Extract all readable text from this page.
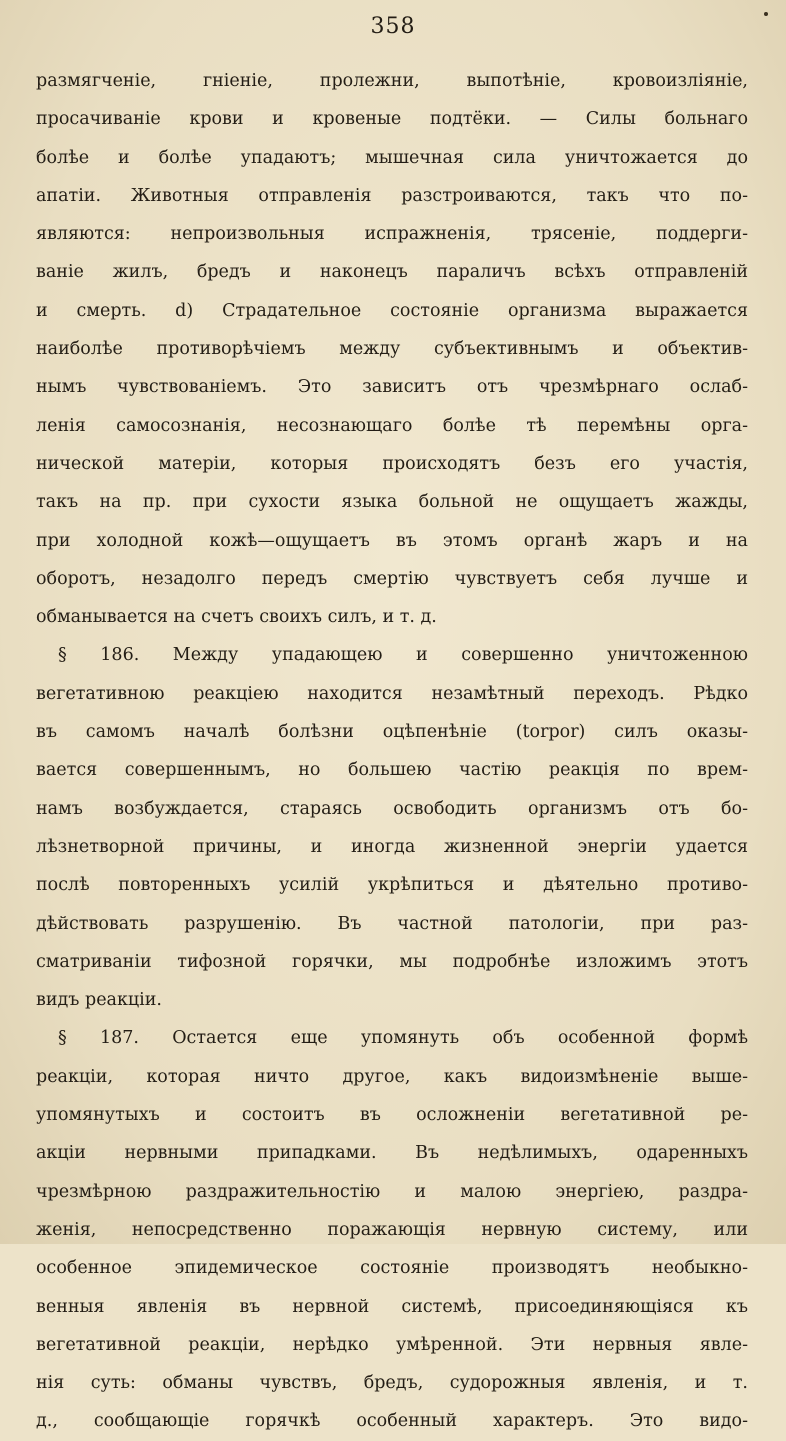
358
размягченіе, гніеніе, пролежни, выпотѣніе, кровоизліяніе,
просачиваніе крови и кровеные подтёки. — Силы больнаго
болѣе и болѣе упадаютъ; мышечная сила уничтожается до
апатіи. Животныя отправленія разстроиваются, такъ что по-
являются: непроизвольныя испражненія, трясеніе, поддерги-
ваніе жилъ, бредъ и наконецъ параличъ всѣхъ отправленій
и смерть. d) Страдательное состояніе организма выражается
наиболѣе противорѣчіемъ между субъективнымъ и объектив-
нымъ чувствованіемъ. Это зависитъ отъ чрезмѣрнаго ослаб-
ленія самосознанія, несознающаго болѣе тѣ перемѣны орга-
нической матеріи, которыя происходятъ безъ его участія,
такъ на пр. при сухости языка больной не ощущаетъ жажды,
при холодной кожѣ—ощущаетъ въ этомъ органѣ жаръ и на
оборотъ, незадолго передъ смертію чувствуетъ себя лучше и
обманывается на счетъ своихъ силъ, и т. д.
§ 186. Между упадающею и совершенно уничтоженною
вегетативною реакціею находится незамѣтный переходъ. Рѣдко
въ самомъ началѣ болѣзни оцѣпенѣніе (torpor) силъ оказы-
вается совершеннымъ, но большею частію реакція по врем-
намъ возбуждается, стараясь освободить организмъ отъ бо-
лѣзнетворной причины, и иногда жизненной энергіи удается
послѣ повторенныхъ усилій укрѣпиться и дѣятельно противо-
дѣйствовать разрушенію. Въ частной патологіи, при раз-
сматриваніи тифозной горячки, мы подробнѣе изложимъ этотъ
видъ реакціи.
§ 187. Остается еще упомянуть объ особенной формѣ
реакціи, которая ничто другое, какъ видоизмѣненіе выше-
упомянутыхъ и состоитъ въ осложненіи вегетативной ре-
акціи нервными припадками. Въ недѣлимыхъ, одаренныхъ
чрезмѣрною раздражительностію и малою энергіею, раздра-
женія, непосредственно поражающія нервную систему, или
особенное эпидемическое состояніе производятъ необыкно-
венныя явленія въ нервной системѣ, присоединяющіяся къ
вегетативной реакціи, нерѣдко умѣренной. Эти нервныя явле-
нія суть: обманы чувствъ, бредъ, судорожныя явленія, и т.
д., сообщающіе горячкѣ особенный характеръ. Это видо-
